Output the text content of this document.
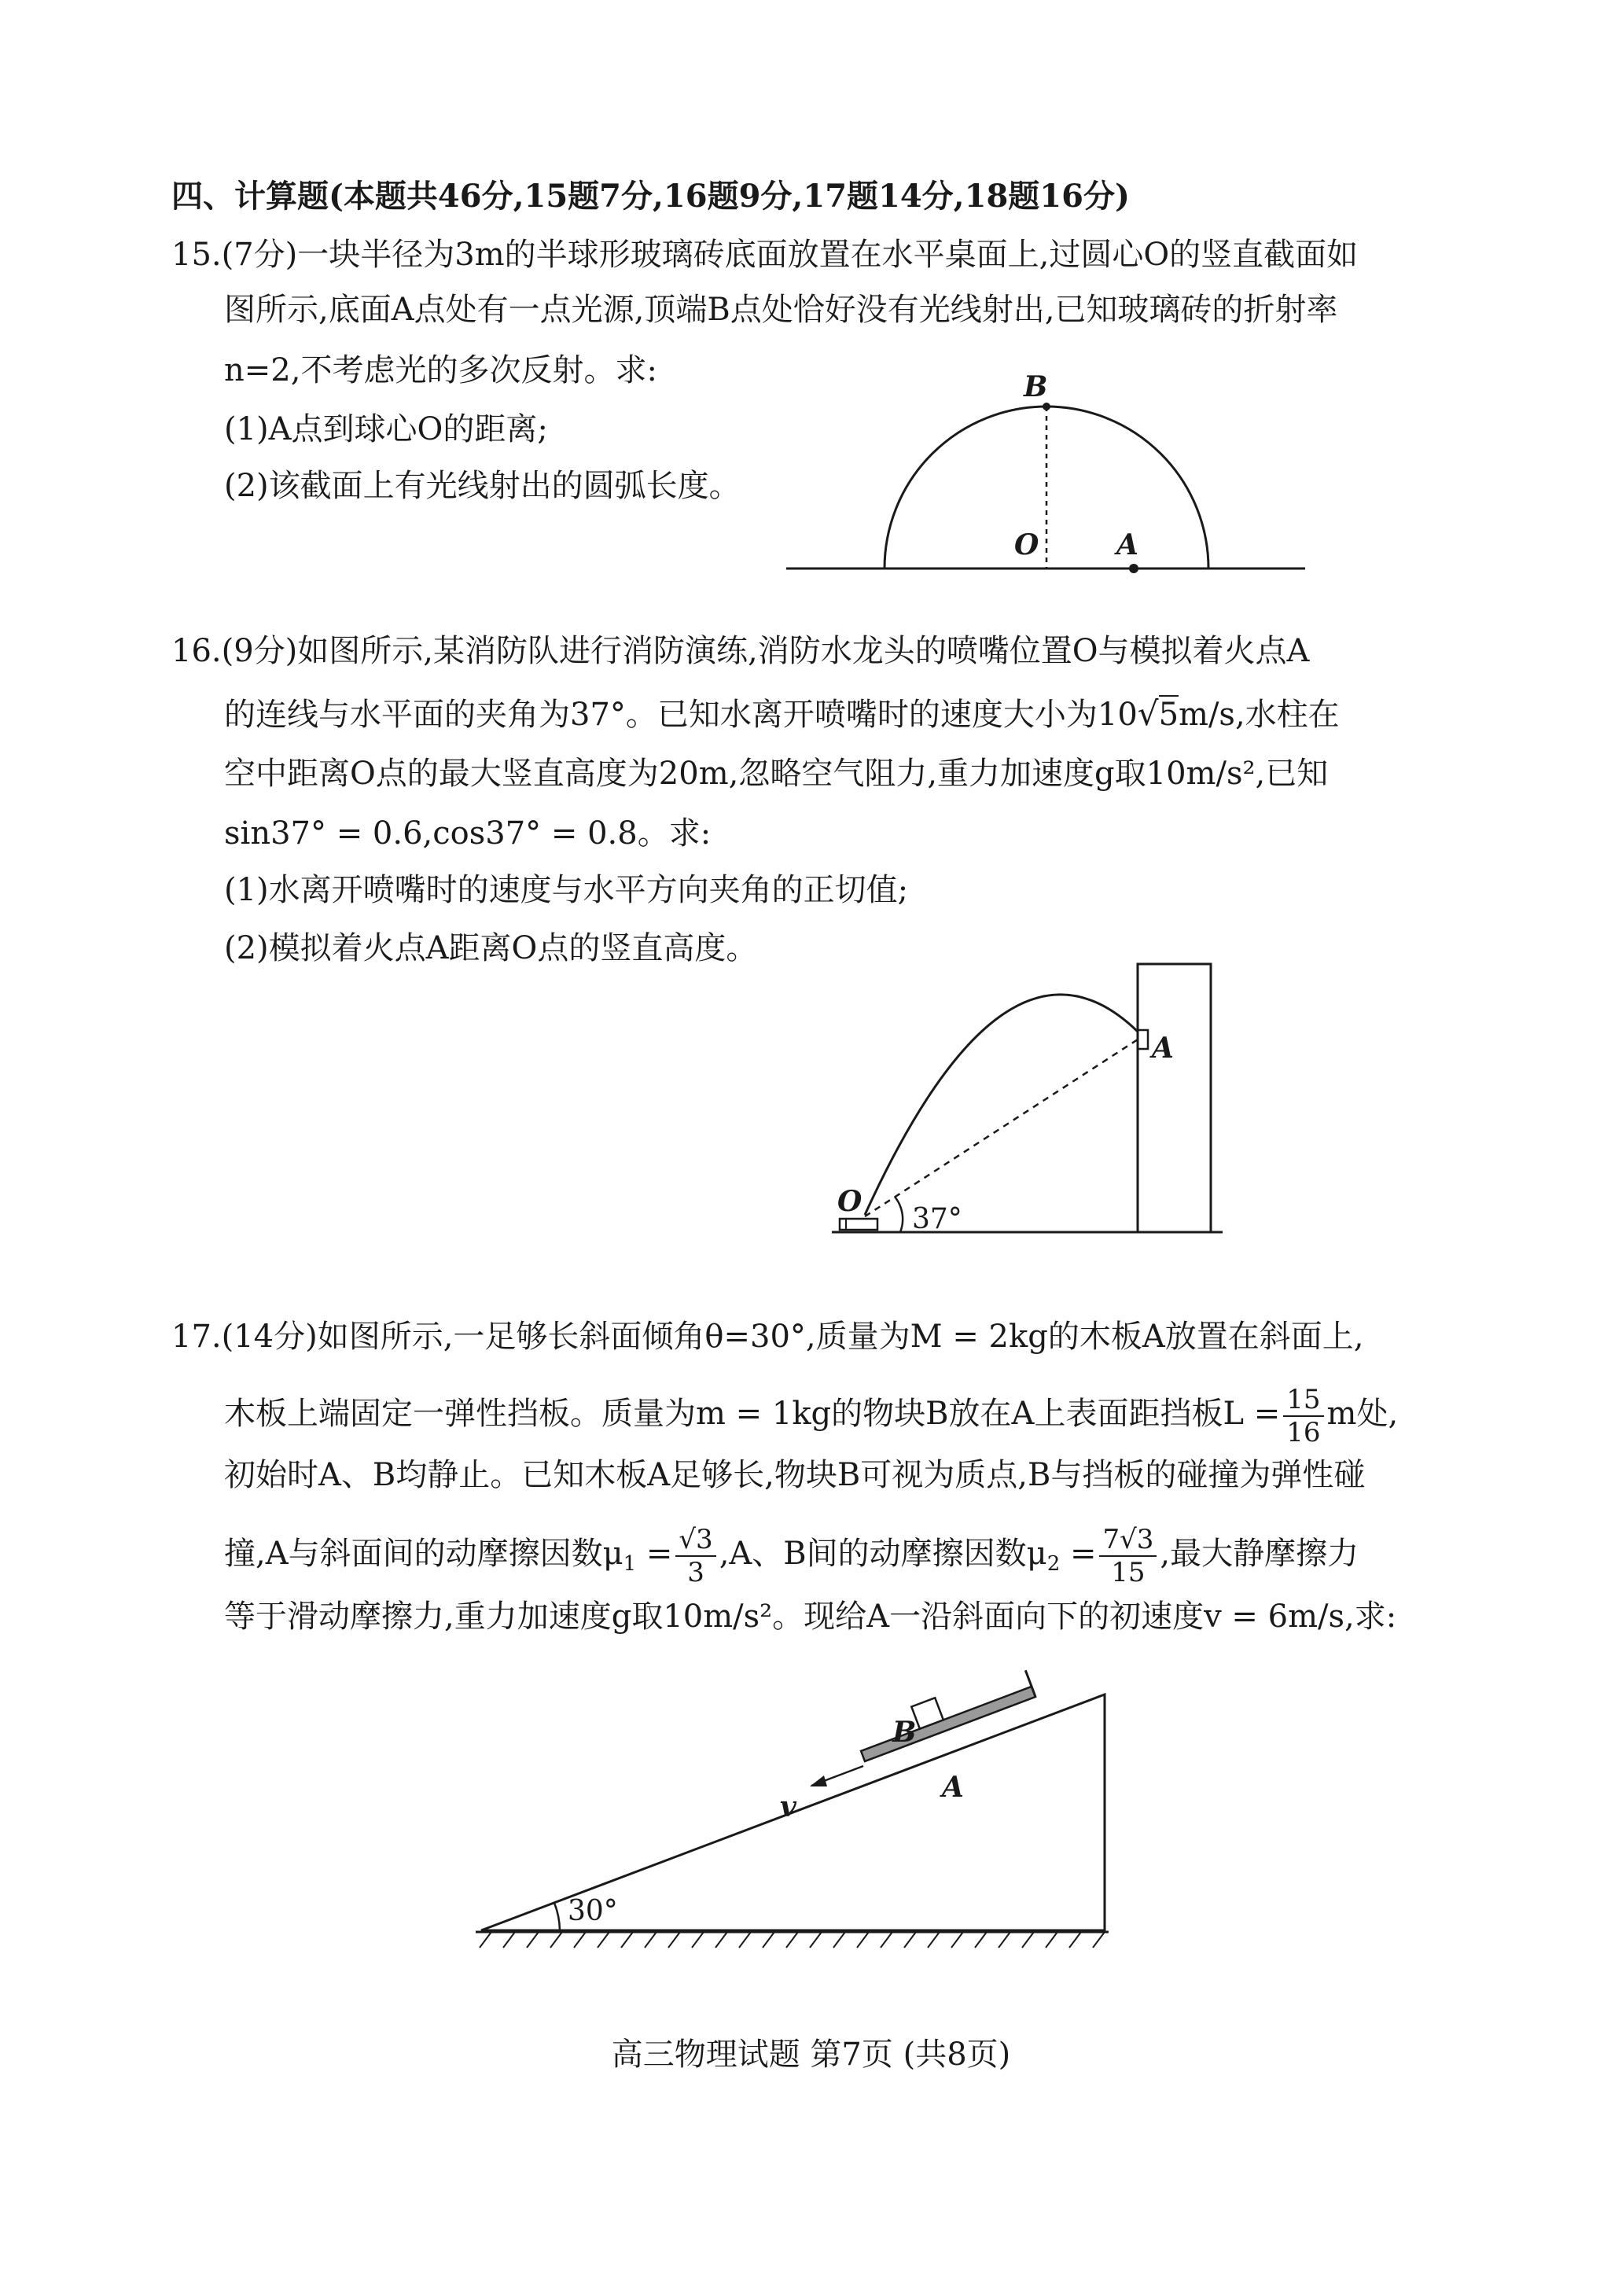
四、计算题(本题共46分,15题7分,16题9分,17题14分,18题16分)
15.(7分)一块半径为3m的半球形玻璃砖底面放置在水平桌面上,过圆心O的竖直截面如
图所示,底面A点处有一点光源,顶端B点处恰好没有光线射出,已知玻璃砖的折射率
n=2,不考虑光的多次反射。求:
(1)A点到球心O的距离;
(2)该截面上有光线射出的圆弧长度。
B
O	A
16.(9分)如图所示,某消防队进行消防演练,消防水龙头的喷嘴位置O与模拟着火点A
的连线与水平面的夹角为37°。已知水离开喷嘴时的速度大小为10√5m/s,水柱在
空中距离O点的最大竖直高度为20m,忽略空气阻力,重力加速度g取10m/s²,已知
sin37° = 0.6,cos37° = 0.8。求:
(1)水离开喷嘴时的速度与水平方向夹角的正切值;
(2)模拟着火点A距离O点的竖直高度。
O
A
37°
17.(14分)如图所示,一足够长斜面倾角θ=30°,质量为M = 2kg的木板A放置在斜面上,
木板上端固定一弹性挡板。质量为m = 1kg的物块B放在A上表面距挡板$L = \frac{15}{16}$ m处,
初始时A、B均静止。已知木板A足够长,物块B可视为质点,B与挡板的碰撞为弹性碰
撞,A与斜面间的动摩擦因数$\mu_1 = \frac{√3}{3} ,A$、B间的动摩擦因数$\mu_2 = \frac{7√3}{15}$ ,最大静摩擦力
等于滑动摩擦力,重力加速度g取10m/s²。现给A一沿斜面向下的初速度v = 6m/s,求:
B
A
v
30°
高三物理试题 第7页 (共8页)
